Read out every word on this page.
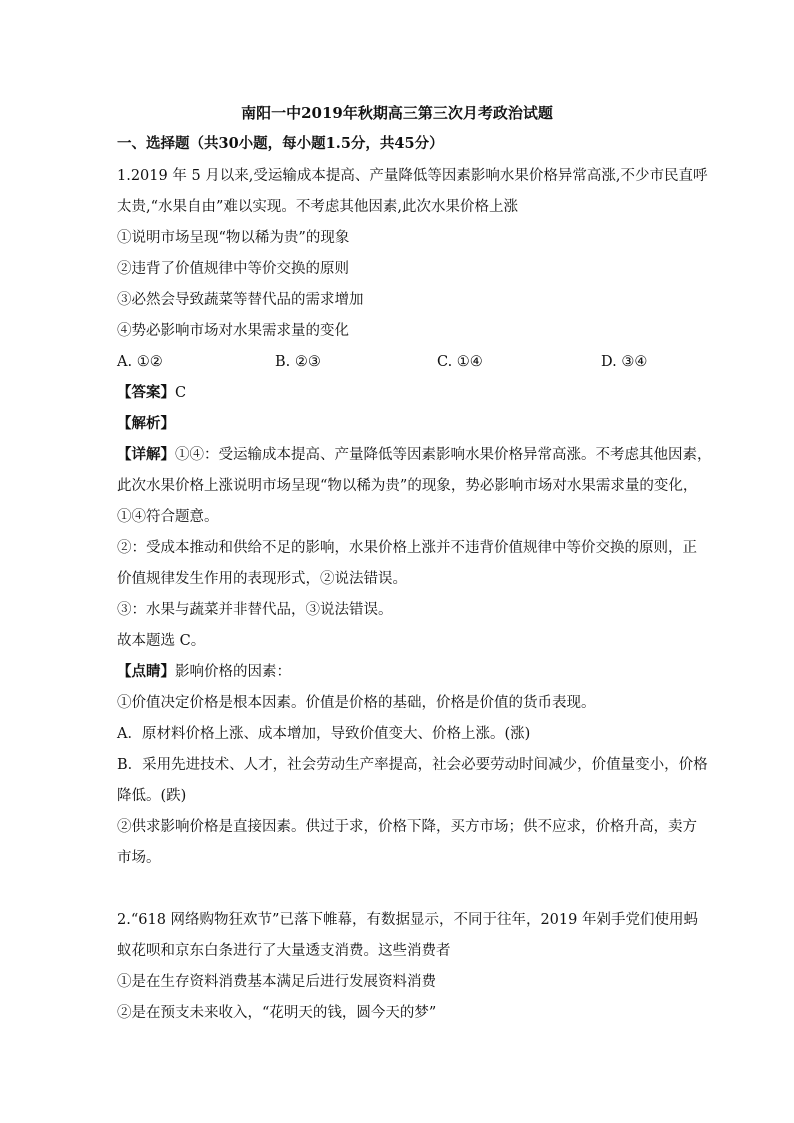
南阳一中2019年秋期高三第三次月考政治试题
一、选择题（共30小题，每小题1.5分，共45分）
1.2019 年 5 月以来,受运输成本提高、产量降低等因素影响水果价格异常高涨,不少市民直呼
太贵,“水果自由”难以实现。不考虑其他因素,此次水果价格上涨
①说明市场呈现“物以稀为贵”的现象
②违背了价值规律中等价交换的原则
③必然会导致蔬菜等替代品的需求增加
④势必影响市场对水果需求量的变化
A. ①②	B. ②③	C. ①④	D. ③④
【答案】C
【解析】
【详解】①④：受运输成本提高、产量降低等因素影响水果价格异常高涨。不考虑其他因素，
此次水果价格上涨说明市场呈现“物以稀为贵”的现象，势必影响市场对水果需求量的变化，
①④符合题意。
②：受成本推动和供给不足的影响，水果价格上涨并不违背价值规律中等价交换的原则，正
价值规律发生作用的表现形式，②说法错误。
③：水果与蔬菜并非替代品，③说法错误。
故本题选 C。
【点睛】影响价格的因素：
①价值决定价格是根本因素。价值是价格的基础，价格是价值的货币表现。
A．原材料价格上涨、成本增加，导致价值变大、价格上涨。(涨)
B．采用先进技术、人才，社会劳动生产率提高，社会必要劳动时间减少，价值量变小，价格
降低。(跌)
②供求影响价格是直接因素。供过于求，价格下降，买方市场；供不应求，价格升高，卖方
市场。
2.“618 网络购物狂欢节”已落下帷幕，有数据显示，不同于往年，2019 年剁手党们使用蚂
蚁花呗和京东白条进行了大量透支消费。这些消费者
①是在生存资料消费基本满足后进行发展资料消费
②是在预支未来收入，“花明天的钱，圆今天的梦”
